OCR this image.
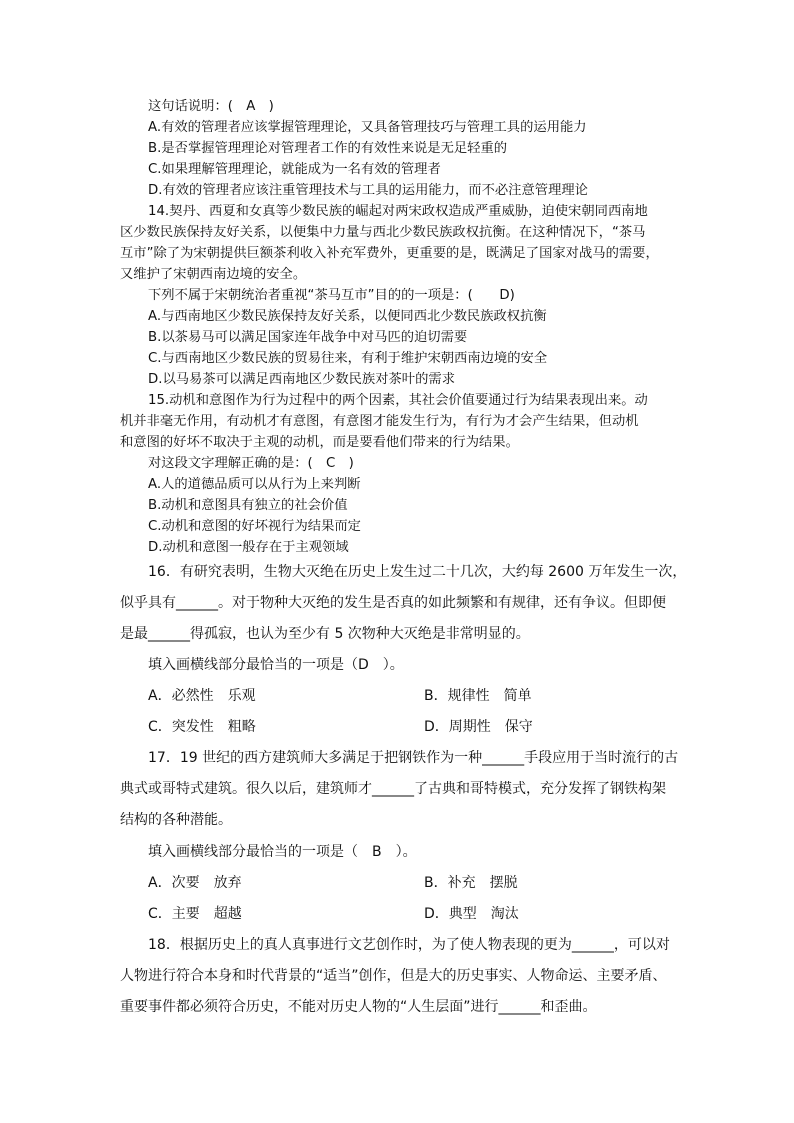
这句话说明：(　A　)
A.有效的管理者应该掌握管理理论，又具备管理技巧与管理工具的运用能力
B.是否掌握管理理论对管理者工作的有效性来说是无足轻重的
C.如果理解管理理论，就能成为一名有效的管理者
D.有效的管理者应该注重管理技术与工具的运用能力，而不必注意管理理论
14.契丹、西夏和女真等少数民族的崛起对两宋政权造成严重威胁，迫使宋朝同西南地
区少数民族保持友好关系，以便集中力量与西北少数民族政权抗衡。在这种情况下，“茶马
互市”除了为宋朝提供巨额茶利收入补充军费外，更重要的是，既满足了国家对战马的需要，
又维护了宋朝西南边境的安全。
下列不属于宋朝统治者重视“茶马互市”目的的一项是：(　　D)
A.与西南地区少数民族保持友好关系，以便同西北少数民族政权抗衡
B.以茶易马可以满足国家连年战争中对马匹的迫切需要
C.与西南地区少数民族的贸易往来，有利于维护宋朝西南边境的安全
D.以马易茶可以满足西南地区少数民族对茶叶的需求
15.动机和意图作为行为过程中的两个因素，其社会价值要通过行为结果表现出来。动
机并非毫无作用，有动机才有意图，有意图才能发生行为，有行为才会产生结果，但动机
和意图的好坏不取决于主观的动机，而是要看他们带来的行为结果。
对这段文字理解正确的是：(　C　)
A.人的道德品质可以从行为上来判断
B.动机和意图具有独立的社会价值
C.动机和意图的好坏视行为结果而定
D.动机和意图一般存在于主观领域
16．有研究表明，生物大灭绝在历史上发生过二十几次，大约每 2600 万年发生一次，
似乎具有______。对于物种大灭绝的发生是否真的如此频繁和有规律，还有争议。但即便
是最______得孤寂，也认为至少有 5 次物种大灭绝是非常明显的。
填入画横线部分最恰当的一项是（D　）。
A．必然性　乐观	B．规律性　简单
C．突发性　粗略	D．周期性　保守
17．19 世纪的西方建筑师大多满足于把钢铁作为一种______手段应用于当时流行的古
典式或哥特式建筑。很久以后，建筑师才______了古典和哥特模式，充分发挥了钢铁构架
结构的各种潜能。
填入画横线部分最恰当的一项是（　B　）。
A．次要　放弃	B．补充　摆脱
C．主要　超越	D．典型　淘汰
18．根据历史上的真人真事进行文艺创作时，为了使人物表现的更为______，可以对
人物进行符合本身和时代背景的“适当”创作，但是大的历史事实、人物命运、主要矛盾、
重要事件都必须符合历史，不能对历史人物的“人生层面”进行______和歪曲。
